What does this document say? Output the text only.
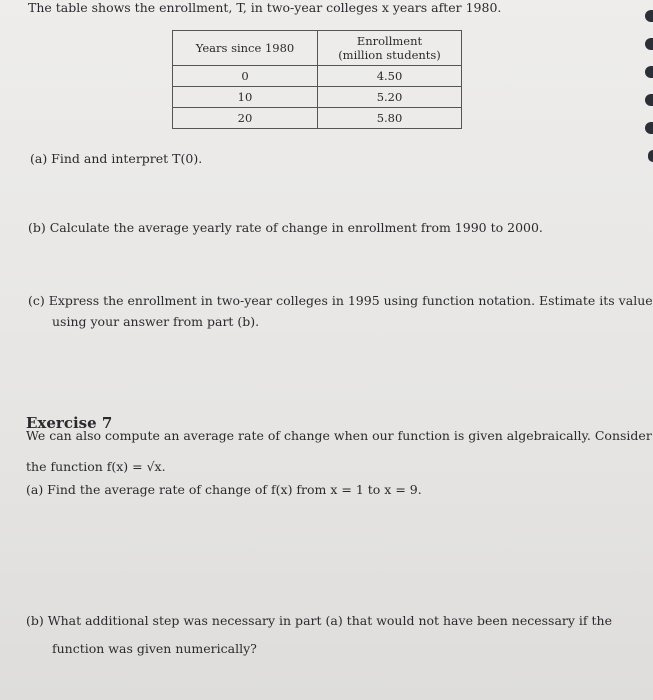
The table shows the enrollment, T, in two-year colleges x years after 1980.
Years since 1980	Enrollment
(million students)
0	4.50
10	5.20
20	5.80
(a) Find and interpret T(0).
(b) Calculate the average yearly rate of change in enrollment from 1990 to 2000.
(c) Express the enrollment in two-year colleges in 1995 using function notation. Estimate its value
using your answer from part (b).
Exercise 7
We can also compute an average rate of change when our function is given algebraically. Consider
the function f(x) = √x.
(a) Find the average rate of change of f(x) from x = 1 to x = 9.
(b) What additional step was necessary in part (a) that would not have been necessary if the
function was given numerically?
